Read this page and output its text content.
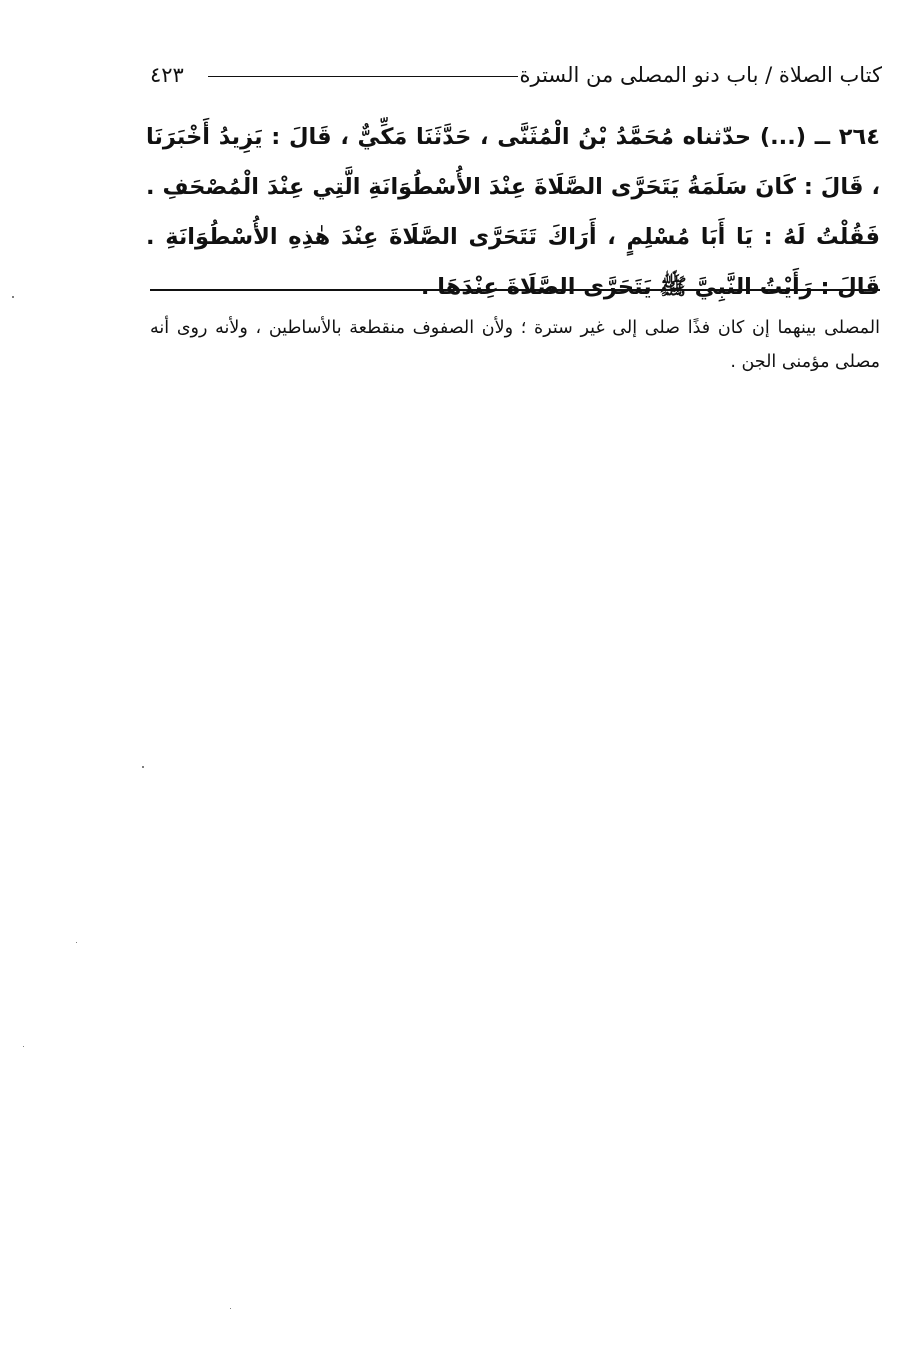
كتاب الصلاة / باب دنو المصلى من السترة
٤٢٣
٢٦٤ ــ (...) حدّثناه مُحَمَّدُ بْنُ الْمُثَنَّى ، حَدَّثَنَا مَكِّيٌّ ، قَالَ : يَزِيدُ أَخْبَرَنَا ، قَالَ : كَانَ سَلَمَةُ يَتَحَرَّى الصَّلَاةَ عِنْدَ الأُسْطُوَانَةِ الَّتِي عِنْدَ الْمُصْحَفِ . فَقُلْتُ لَهُ : يَا أَبَا مُسْلِمٍ ، أَرَاكَ تَتَحَرَّى الصَّلَاةَ عِنْدَ هٰذِهِ الأُسْطُوَانَةِ . قَالَ : رَأَيْتُ النَّبِيَّ ﷺ يَتَحَرَّى الصَّلَاةَ عِنْدَهَا .
المصلى بينهما إن كان فذًا صلى إلى غير سترة ؛ ولأن الصفوف منقطعة بالأساطين ، ولأنه روى أنه مصلى مؤمنى الجن .
